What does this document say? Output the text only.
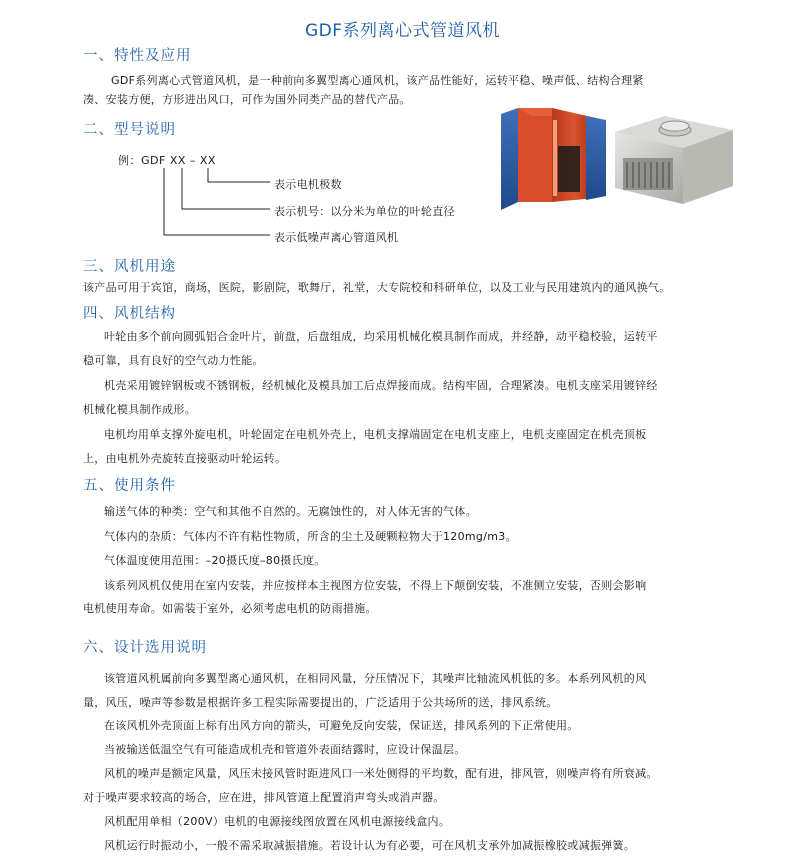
GDF系列离心式管道风机
一、特性及应用

GDF系列离心式管道风机，是一种前向多翼型离心通风机，该产品性能好，运转平稳、噪声低、结构合理紧

凑、安装方便，方形进出风口，可作为国外同类产品的替代产品。

二、型号说明
例：GDF XX – XX
表示电机极数
表示机号：以分米为单位的叶轮直径
表示低噪声离心管道风机
三、风机用途

该产品可用于宾馆，商场，医院，影剧院，歌舞厅，礼堂，大专院校和科研单位，以及工业与民用建筑内的通风换气。

四、风机结构

叶轮由多个前向圆弧铝合金叶片，前盘，后盘组成，均采用机械化模具制作而成，并经静，动平稳校验，运转平

稳可靠，具有良好的空气动力性能。

机壳采用镀锌钢板或不锈钢板，经机械化及模具加工后点焊接而成。结构牢固，合理紧凑。电机支座采用镀锌经

机械化模具制作成形。

电机均用单支撑外旋电机，叶轮固定在电机外壳上，电机支撑端固定在电机支座上，电机支座固定在机壳顶板

上，由电机外壳旋转直接驱动叶轮运转。

五、使用条件

输送气体的种类：空气和其他不自然的。无腐蚀性的，对人体无害的气体。

气体内的杂质：气体内不许有粘性物质，所含的尘土及硬颗粒物大于120mg/m3。

气体温度使用范围：–20摄氏度–80摄氏度。

该系列风机仅使用在室内安装，并应按样本主视图方位安装，不得上下颠倒安装，不准侧立安装，否则会影响

电机使用寿命。如需装于室外，必须考虑电机的防雨措施。

六、设计选用说明

该管道风机属前向多翼型离心通风机，在相同风量，分压情况下，其噪声比轴流风机低的多。本系列风机的风

量，风压，噪声等参数是根据许多工程实际需要提出的，广泛适用于公共场所的送，排风系统。

在该风机外壳顶面上标有出风方向的箭头，可避免反向安装，保证送，排风系列的下正常使用。

当被输送低温空气有可能造成机壳和管道外表面结露时，应设计保温层。

风机的噪声是额定风量，风压未接风管时距进风口一米处侧得的平均数，配有进，排风管，则噪声将有所衰减。

对于噪声要求较高的场合，应在进，排风管道上配置消声弯头或消声器。

风机配用单相（200V）电机的电源接线图放置在风机电源接线盒内。

风机运行时振动小，一般不需采取减振措施。若设计认为有必要，可在风机支承外加减振橡胶或减振弹簧。
